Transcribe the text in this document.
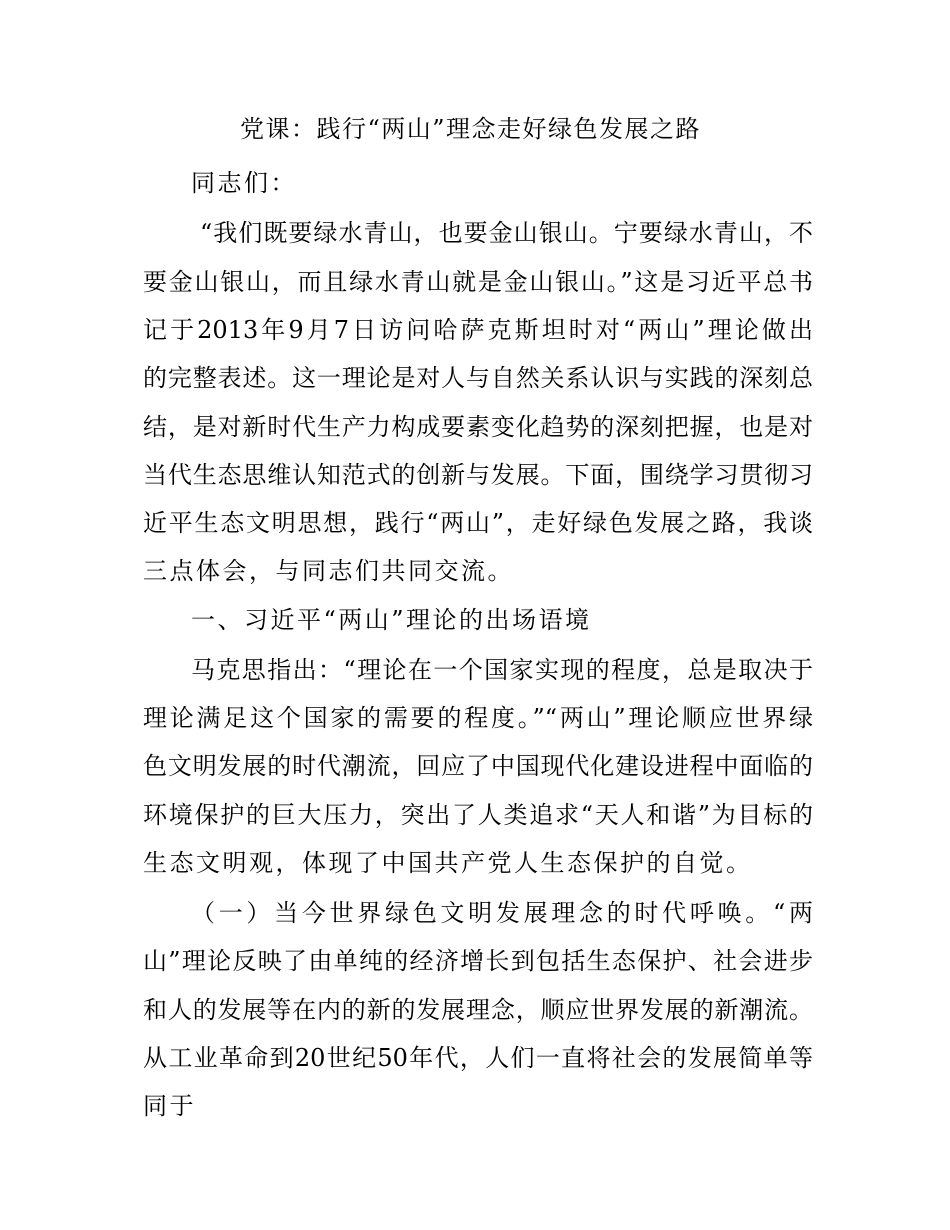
党课：践行“两山”理念走好绿色发展之路
同志们：
“我们既要绿水青山，也要金山银山。宁要绿水青山，不
要金山银山，而且绿水青山就是金山银山。”这是习近平总书
记于2013年9月7日访问哈萨克斯坦时对“两山”理论做出
的完整表述。这一理论是对人与自然关系认识与实践的深刻总
结，是对新时代生产力构成要素变化趋势的深刻把握，也是对
当代生态思维认知范式的创新与发展。下面，围绕学习贯彻习
近平生态文明思想，践行“两山”，走好绿色发展之路，我谈
三点体会，与同志们共同交流。
一、习近平“两山”理论的出场语境
马克思指出：“理论在一个国家实现的程度，总是取决于
理论满足这个国家的需要的程度。”“两山”理论顺应世界绿
色文明发展的时代潮流，回应了中国现代化建设进程中面临的
环境保护的巨大压力，突出了人类追求“天人和谐”为目标的
生态文明观，体现了中国共产党人生态保护的自觉。
（一）当今世界绿色文明发展理念的时代呼唤。“两
山”理论反映了由单纯的经济增长到包括生态保护、社会进步
和人的发展等在内的新的发展理念，顺应世界发展的新潮流。
从工业革命到20世纪50年代，人们一直将社会的发展简单等
同于
